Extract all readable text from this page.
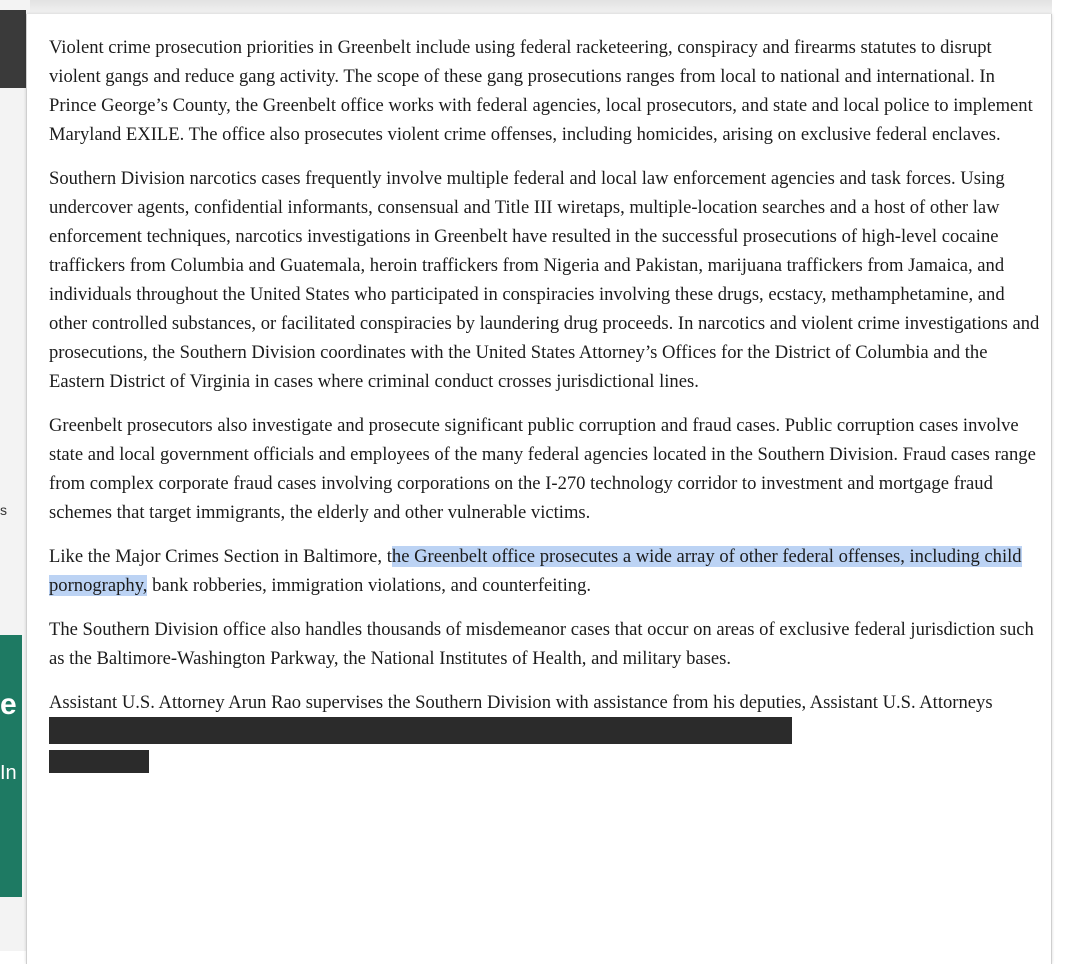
s
e
In

Violent crime prosecution priorities in Greenbelt include using federal racketeering, conspiracy and firearms statutes to disrupt violent gangs and reduce gang activity. The scope of these gang prosecutions ranges from local to national and international. In Prince George’s County, the Greenbelt office works with federal agencies, local prosecutors, and state and local police to implement Maryland EXILE. The office also prosecutes violent crime offenses, including homicides, arising on exclusive federal enclaves.

Southern Division narcotics cases frequently involve multiple federal and local law enforcement agencies and task forces. Using undercover agents, confidential informants, consensual and Title III wiretaps, multiple-location searches and a host of other law enforcement techniques, narcotics investigations in Greenbelt have resulted in the successful prosecutions of high-level cocaine traffickers from Columbia and Guatemala, heroin traffickers from Nigeria and Pakistan, marijuana traffickers from Jamaica, and individuals throughout the United States who participated in conspiracies involving these drugs, ecstacy, methamphetamine, and other controlled substances, or facilitated conspiracies by laundering drug proceeds. In narcotics and violent crime investigations and prosecutions, the Southern Division coordinates with the United States Attorney’s Offices for the District of Columbia and the Eastern District of Virginia in cases where criminal conduct crosses jurisdictional lines.

Greenbelt prosecutors also investigate and prosecute significant public corruption and fraud cases. Public corruption cases involve state and local government officials and employees of the many federal agencies located in the Southern Division. Fraud cases range from complex corporate fraud cases involving corporations on the I-270 technology corridor to investment and mortgage fraud schemes that target immigrants, the elderly and other vulnerable victims.

Like the Major Crimes Section in Baltimore, the Greenbelt office prosecutes a wide array of other federal offenses, including child pornography, bank robberies, immigration violations, and counterfeiting.

The Southern Division office also handles thousands of misdemeanor cases that occur on areas of exclusive federal jurisdiction such as the Baltimore-Washington Parkway, the National Institutes of Health, and military bases.

Assistant U.S. Attorney Arun Rao supervises the Southern Division with assistance from his deputies, Assistant U.S. Attorneys
